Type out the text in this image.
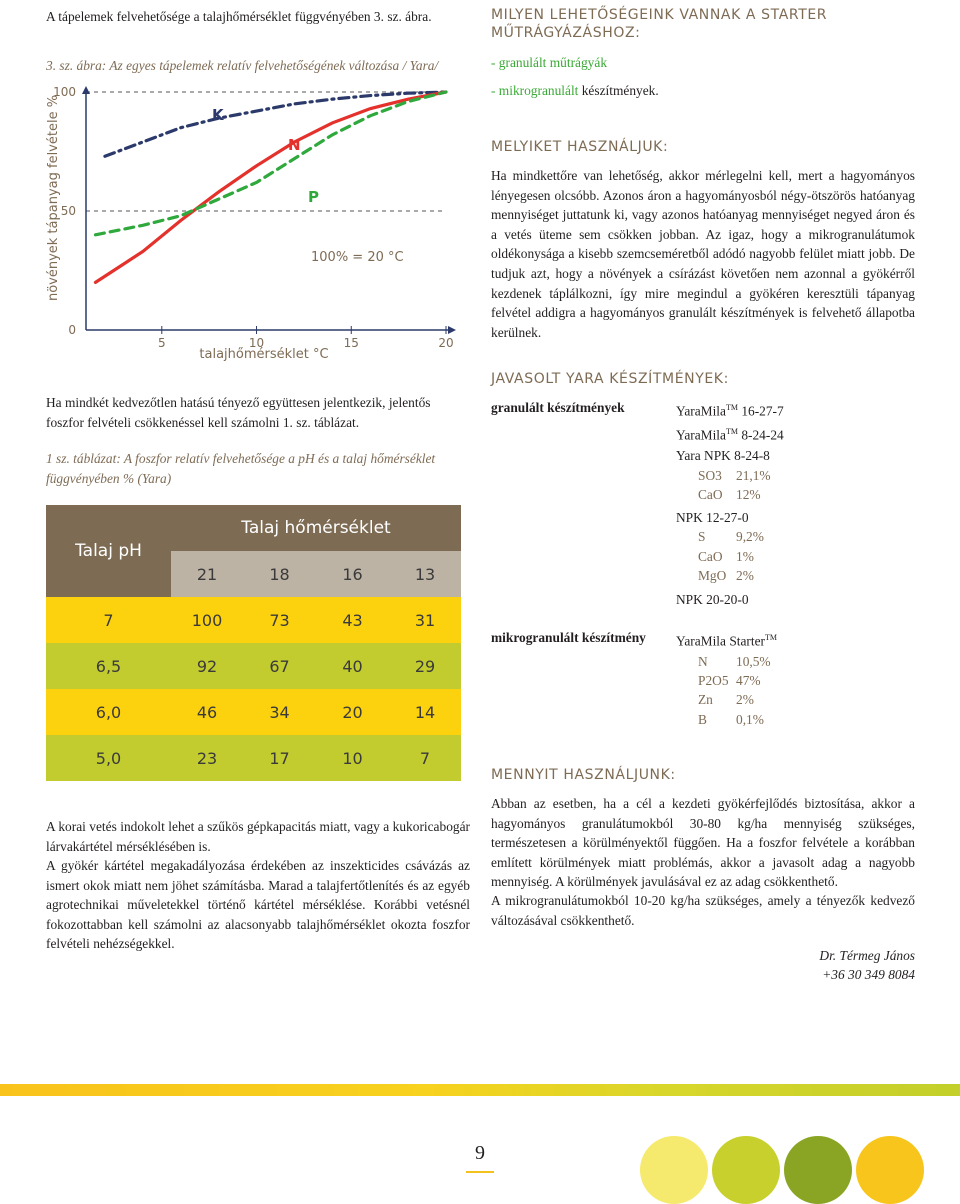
A tápelemek felvehetősége a talajhőmérséklet függvényében 3. sz. ábra.
3. sz. ábra: Az egyes tápelemek relatív felvehetőségének változása / Yara/
növények tápanyag felvétele %
100
50
0
5	10	15	20
K
N
P
100% = 20 °C
talajhőmérséklet °C
Ha mindkét kedvezőtlen hatású tényező együttesen jelentkezik, jelentős foszfor felvételi csökkenéssel kell számolni 1. sz. táblázat.
1 sz. táblázat: A foszfor relatív felvehetősége a pH és a talaj hőmérséklet függvényében % (Yara)
Talaj pH	Talaj hőmérséklet			
	21	18	16	13
7	100	73	43	31
6,5	92	67	40	29
6,0	46	34	20	14
5,0	23	17	10	7
A korai vetés indokolt lehet a szűkös gépkapacitás miatt, vagy a kukoricabogár lárvakártétel mérséklésében is.
A gyökér kártétel megakadályozása érdekében az inszekticides csávázás az ismert okok miatt nem jöhet számításba. Marad a talajfertőtlenítés és az egyéb agrotechnikai műveletekkel történő kártétel mérséklése. Korábbi vetésnél fokozottabban kell számolni az alacsonyabb talajhőmérséklet okozta foszfor felvételi nehézségekkel.
MILYEN LEHETŐSÉGEINK VANNAK A STARTER MŰTRÁGYÁZÁSHOZ:
- granulált műtrágyák
- mikrogranulált készítmények.
MELYIKET HASZNÁLJUK:
Ha mindkettőre van lehetőség, akkor mérlegelni kell, mert a hagyományos lényegesen olcsóbb. Azonos áron a hagyományosból négy-ötszörös hatóanyag mennyiséget juttatunk ki, vagy azonos hatóanyag mennyiséget negyed áron és a vetés üteme sem csökken jobban. Az igaz, hogy a mikrogranulátumok oldékonysága a kisebb szemcseméretből adódó nagyobb felület miatt jobb. De tudjuk azt, hogy a növények a csírázást követően nem azonnal a gyökérről kezdenek táplálkozni, így mire megindul a gyökéren keresztüli tápanyag felvétel addigra a hagyományos granulált készítmények is felvehető állapotba kerülnek.
JAVASOLT YARA KÉSZÍTMÉNYEK:
granulált készítmények	YaraMila™ 16-27-7
YaraMila™ 8-24-24
Yara NPK 8-24-8
SO3 21,1%
CaO 12%
NPK 12-27-0
S 9,2%
CaO 1%
MgO 2%
NPK 20-20-0
mikrogranulált készítmény YaraMila Starter™
N 10,5%
P2O5 47%
Zn 2%
B 0,1%
MENNYIT HASZNÁLJUNK:
Abban az esetben, ha a cél a kezdeti gyökérfejlődés biztosítása, akkor a hagyományos granulátumokból 30-80 kg/ha mennyiség szükséges, természetesen a körülményektől függően. Ha a foszfor felvétele a korábban említett körülmények miatt problémás, akkor a javasolt adag a nagyobb mennyiség. A körülmények javulásával ez az adag csökkenthető.
A mikrogranulátumokból 10-20 kg/ha szükséges, amely a tényezők kedvező változásával csökkenthető.
Dr. Térmeg János
+36 30 349 8084
9
